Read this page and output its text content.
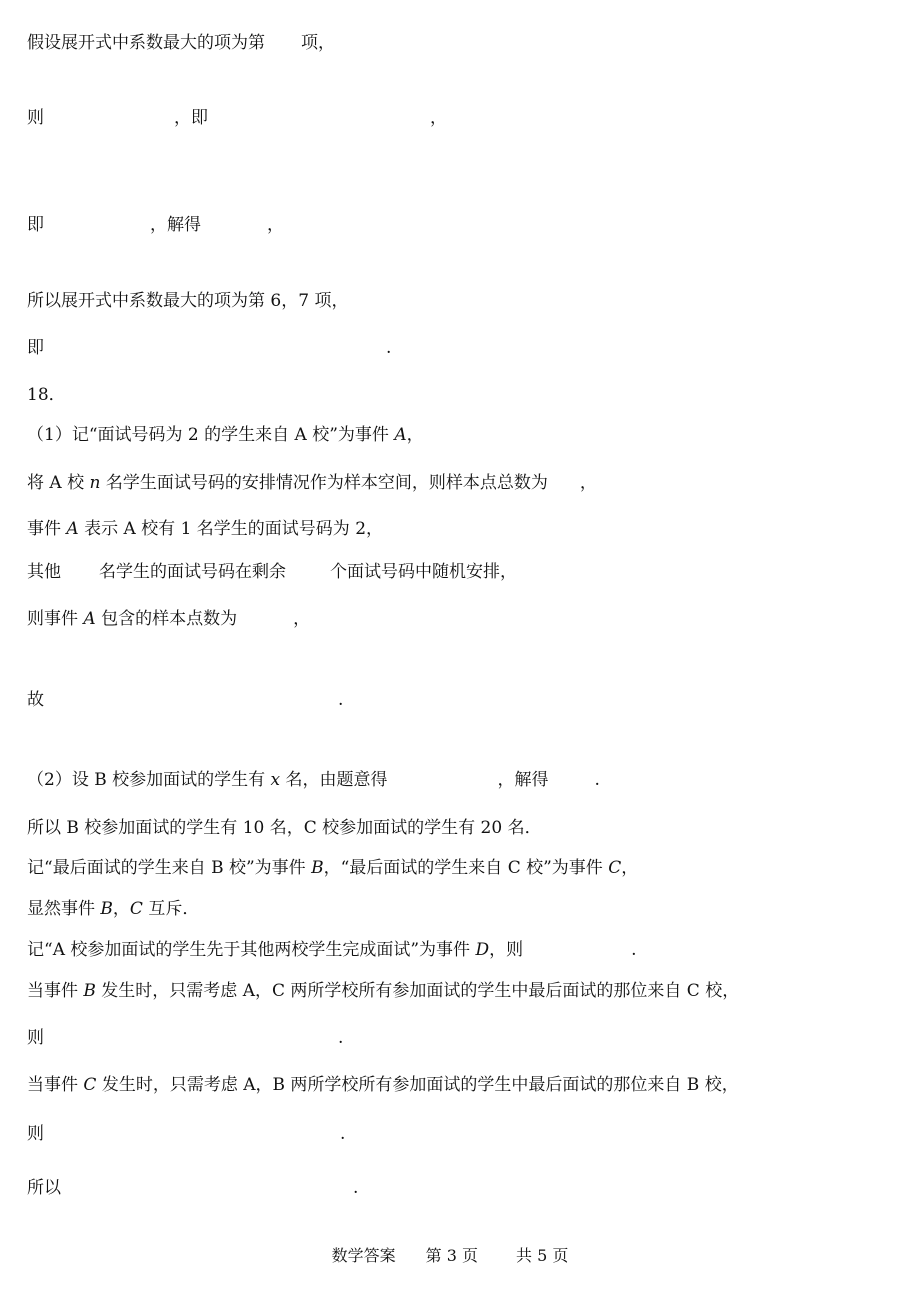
假设展开式中系数最大的项为第 项，
则	，即	，
即	，解得	，
所以展开式中系数最大的项为第 6，7 项，
即	.
18．
（1）记“面试号码为 2 的学生来自 A 校”为事件 A，
将 A 校 n 名学生面试号码的安排情况作为样本空间，则样本点总数为 ，
事件 A 表示 A 校有 1 名学生的面试号码为 2，
其他 名学生的面试号码在剩余	个面试号码中随机安排，
则事件 A 包含的样本点数为	，
故	.
（2）设 B 校参加面试的学生有 x 名，由题意得	，解得	.
所以 B 校参加面试的学生有 10 名，C 校参加面试的学生有 20 名．
记“最后面试的学生来自 B 校”为事件 B，“最后面试的学生来自 C 校”为事件 C，
显然事件 B，C 互斥．
记“A 校参加面试的学生先于其他两校学生完成面试”为事件 D，则	.
当事件 B 发生时，只需考虑 A，C 两所学校所有参加面试的学生中最后面试的那位来自 C 校，
则	.
当事件 C 发生时，只需考虑 A，B 两所学校所有参加面试的学生中最后面试的那位来自 B 校，
则	.
所以	.
数学答案 第 3 页 共 5 页
